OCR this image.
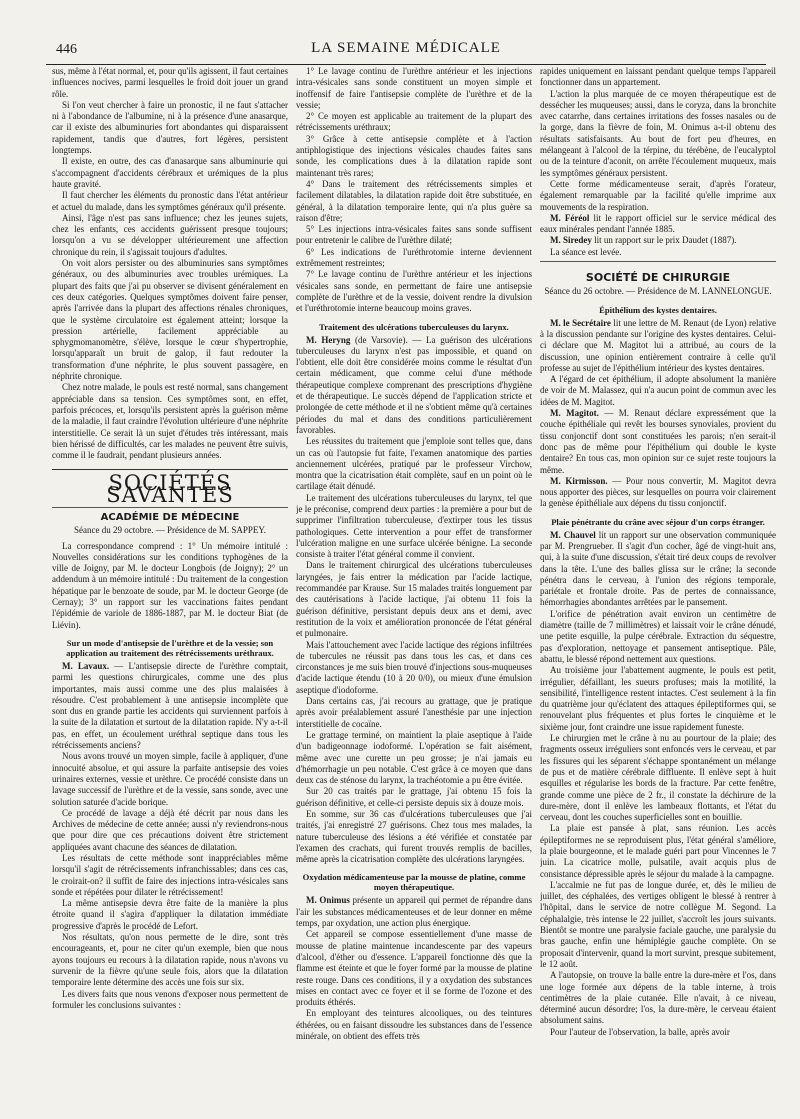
446	LA SEMAINE MÉDICALE

sus, même à l'état normal, et, pour qu'ils agissent, il faut certaines influences nocives, parmi lesquelles le froid doit jouer un grand rôle.

Si l'on veut chercher à faire un pronostic, il ne faut s'attacher ni à l'abondance de l'albumine, ni à la présence d'une anasarque, car il existe des albuminuries fort abondantes qui disparaissent rapidement, tandis que d'autres, fort légères, persistent longtemps.

Il existe, en outre, des cas d'anasarque sans albuminurie qui s'accompagnent d'accidents cérébraux et urémiques de la plus haute gravité.

Il faut chercher les éléments du pronostic dans l'état antérieur et actuel du malade, dans les symptômes généraux qu'il présente.

Ainsi, l'âge n'est pas sans influence; chez les jeunes sujets, chez les enfants, ces accidents guérissent presque toujours; lorsqu'on a vu se développer ultérieurement une affection chronique du rein, il s'agissait toujours d'adultes.

On voit alors persister ou des albuminuries sans symptômes généraux, ou des albuminuries avec troubles urémiques. La plupart des faits que j'ai pu observer se divisent généralement en ces deux catégories. Quelques symptômes doivent faire penser, après l'arrivée dans la plupart des affections rénales chroniques, que le système circulatoire est également atteint; lorsque la pression artérielle, facilement appréciable au sphygmomanomètre, s'élève, lorsque le cœur s'hypertrophie, lorsqu'apparaît un bruit de galop, il faut redouter la transformation d'une néphrite, le plus souvent passagère, en néphrite chronique.

Chez notre malade, le pouls est resté normal, sans changement appréciable dans sa tension. Ces symptômes sont, en effet, parfois précoces, et, lorsqu'ils persistent après la guérison même de la maladie, il faut craindre l'évolution ultérieure d'une néphrite interstitielle. Ce serait là un sujet d'études très intéressant, mais bien hérissé de difficultés, car les malades ne peuvent être suivis, comme il le faudrait, pendant plusieurs années.

SOCIÉTÉS SAVANTES
ACADÉMIE DE MÉDECINE
Séance du 29 octobre. — Présidence de M. SAPPEY.

La correspondance comprend : 1° Un mémoire intitulé : Nouvelles considérations sur les conditions typhogènes de la ville de Joigny, par M. le docteur Longbois (de Joigny); 2° un addendum à un mémoire intitulé : Du traitement de la congestion hépatique par le benzoate de soude, par M. le docteur George (de Cernay); 3° un rapport sur les vaccinations faites pendant l'épidémie de variole de 1886-1887, par M. le docteur Biat (de Liévin).

Sur un mode d'antisepsie de l'urèthre et de la vessie; son application au traitement des rétrécissements uréthraux.

M. Lavaux. — L'antisepsie directe de l'urèthre comptait, parmi les questions chirurgicales, comme une des plus importantes, mais aussi comme une des plus malaisées à résoudre. C'est probablement à une antisepsie incomplète que sont dus en grande partie les accidents qui surviennent parfois à la suite de la dilatation et surtout de la dilatation rapide. N'y a-t-il pas, en effet, un écoulement uréthral septique dans tous les rétrécissements anciens?

Nous avons trouvé un moyen simple, facile à appliquer, d'une innocuité absolue, et qui assure la parfaite antisepsie des voies urinaires externes, vessie et urèthre. Ce procédé consiste dans un lavage successif de l'urèthre et de la vessie, sans sonde, avec une solution saturée d'acide borique.

Ce procédé de lavage a déjà été décrit par nous dans les Archives de médecine de cette année; aussi n'y reviendrons-nous que pour dire que ces précautions doivent être strictement appliquées avant chacune des séances de dilatation.

Les résultats de cette méthode sont inappréciables même lorsqu'il s'agit de rétrécissements infranchissables; dans ces cas, le croirait-on? il suffit de faire des injections intra-vésicales sans sonde et répétées pour dilater le rétrécissement!

La même antisepsie devra être faite de la manière la plus étroite quand il s'agira d'appliquer la dilatation immédiate progressive d'après le procédé de Lefort.

Nos résultats, qu'on nous permette de le dire, sont très encourageants, et, pour ne citer qu'un exemple, bien que nous ayons toujours eu recours à la dilatation rapide, nous n'avons vu survenir de la fièvre qu'une seule fois, alors que la dilatation temporaire lente détermine des accès une fois sur six.

Les divers faits que nous venons d'exposer nous permettent de formuler les conclusions suivantes :

1° Le lavage continu de l'urèthre antérieur et les injections intra-vésicales sans sonde constituent un moyen simple et inoffensif de faire l'antisepsie complète de l'urèthre et de la vessie;

2° Ce moyen est applicable au traitement de la plupart des rétrécissements uréthraux;

3° Grâce à cette antisepsie complète et à l'action antiphlogistique des injections vésicales chaudes faites sans sonde, les complications dues à la dilatation rapide sont maintenant très rares;

4° Dans le traitement des rétrécissements simples et facilement dilatables, la dilatation rapide doit être substituée, en général, à la dilatation temporaire lente, qui n'a plus guère sa raison d'être;

5° Les injections intra-vésicales faites sans sonde suffisent pour entretenir le calibre de l'urèthre dilaté;

6° Les indications de l'uréthrotomie interne deviennent extrêmement restreintes;

7° Le lavage continu de l'urèthre antérieur et les injections vésicales sans sonde, en permettant de faire une antisepsie complète de l'urèthre et de la vessie, doivent rendre la divulsion et l'uréthrotomie interne beaucoup moins graves.

Traitement des ulcérations tuberculeuses du larynx.

M. Heryng (de Varsovie). — La guérison des ulcérations tuberculeuses du larynx n'est pas impossible, et quand on l'obtient, elle doit être considérée moins comme le résultat d'un certain médicament, que comme celui d'une méthode thérapeutique complexe comprenant des prescriptions d'hygiène et de thérapeutique. Le succès dépend de l'application stricte et prolongée de cette méthode et il ne s'obtient même qu'à certaines périodes du mal et dans des conditions particulièrement favorables.

Les réussites du traitement que j'emploie sont telles que, dans un cas où l'autopsie fut faite, l'examen anatomique des parties anciennement ulcérées, pratiqué par le professeur Virchow, montra que la cicatrisation était complète, sauf en un point où le cartilage était dénudé.

Le traitement des ulcérations tuberculeuses du larynx, tel que je le préconise, comprend deux parties : la première a pour but de supprimer l'infiltration tuberculeuse, d'extirper tous les tissus pathologiques. Cette intervention a pour effet de transformer l'ulcération maligne en une surface ulcérée bénigne. La seconde consiste à traiter l'état général comme il convient.

Dans le traitement chirurgical des ulcérations tuberculeuses laryngées, je fais entrer la médication par l'acide lactique, recommandée par Krause. Sur 15 malades traités longuement par des cautérisations à l'acide lactique, j'ai obtenu 11 fois la guérison définitive, persistant depuis deux ans et demi, avec restitution de la voix et amélioration prononcée de l'état général et pulmonaire.

Mais l'attouchement avec l'acide lactique des régions infiltrées de tubercules ne réussit pas dans tous les cas, et dans ces circonstances je me suis bien trouvé d'injections sous-muqueuses d'acide lactique étendu (10 à 20 0/0), ou mieux d'une émulsion aseptique d'iodoforme.

Dans certains cas, j'ai recours au grattage, que je pratique après avoir préalablement assuré l'anesthésie par une injection interstitielle de cocaïne.

Le grattage terminé, on maintient la plaie aseptique à l'aide d'un badigeonnage iodoformé. L'opération se fait aisément, même avec une curette un peu grosse; je n'ai jamais eu d'hémorrhagie un peu notable. C'est grâce à ce moyen que dans deux cas de sténose du larynx, la trachéotomie a pu être évitée.

Sur 20 cas traités par le grattage, j'ai obtenu 15 fois la guérison définitive, et celle-ci persiste depuis six à douze mois.

En somme, sur 36 cas d'ulcérations tuberculeuses que j'ai traités, j'ai enregistré 27 guérisons. Chez tous mes malades, la nature tuberculeuse des lésions a été vérifiée et constatée par l'examen des crachats, qui furent trouvés remplis de bacilles, même après la cicatrisation complète des ulcérations laryngées.

Oxydation médicamenteuse par la mousse de platine, comme moyen thérapeutique.

M. Onimus présente un appareil qui permet de répandre dans l'air les substances médicamenteuses et de leur donner en même temps, par oxydation, une action plus énergique.

Cet appareil se compose essentiellement d'une masse de mousse de platine maintenue incandescente par des vapeurs d'alcool, d'éther ou d'essence. L'appareil fonctionne dès que la flamme est éteinte et que le foyer formé par la mousse de platine reste rouge. Dans ces conditions, il y a oxydation des substances mises en contact avec ce foyer et il se forme de l'ozone et des produits éthérés.

En employant des teintures alcooliques, ou des teintures éthérées, ou en faisant dissoudre les substances dans de l'essence minérale, on obtient des effets très

rapides uniquement en laissant pendant quelque temps l'appareil fonctionner dans un appartement.

L'action la plus marquée de ce moyen thérapeutique est de dessécher les muqueuses; aussi, dans le coryza, dans la bronchite avec catarrhe, dans certaines irritations des fosses nasales ou de la gorge, dans la fièvre de foin, M. Onimus a-t-il obtenu des résultats satisfaisants. Au bout de fort peu d'heures, en mélangeant à l'alcool de la térpine, du térébène, de l'eucalyptol ou de la teinture d'aconit, on arrête l'écoulement muqueux, mais les symptômes généraux persistent.

Cette forme médicamenteuse serait, d'après l'orateur, également remarquable par la facilité qu'elle imprime aux mouvements de la respiration.

M. Féréol lit le rapport officiel sur le service médical des eaux minérales pendant l'année 1885.

M. Siredey lit un rapport sur le prix Daudet (1887).

La séance est levée.

SOCIÉTÉ DE CHIRURGIE
Séance du 26 octobre. — Présidence de M. LANNELONGUE.
Épithélium des kystes dentaires.

M. le Secrétaire lit une lettre de M. Renaut (de Lyon) relative à la discussion pendante sur l'origine des kystes dentaires. Celui-ci déclare que M. Magitot lui a attribué, au cours de la discussion, une opinion entièrement contraire à celle qu'il professe au sujet de l'épithélium intérieur des kystes dentaires.

A l'égard de cet épithélium, il adopte absolument la manière de voir de M. Malassez, qui n'a aucun point de commun avec les idées de M. Magitot.

M. Magitot. — M. Renaut déclare expressément que la couche épithéliale qui revêt les bourses synoviales, provient du tissu conjonctif dont sont constituées les parois; n'en serait-il donc pas de même pour l'épithélium qui double le kyste dentaire? En tous cas, mon opinion sur ce sujet reste toujours la même.

M. Kirmisson. — Pour nous convertir, M. Magitot devra nous apporter des pièces, sur lesquelles on pourra voir clairement la genèse épithéliale aux dépens du tissu conjonctif.

Plaie pénétrante du crâne avec séjour d'un corps étranger.

M. Chauvel lit un rapport sur une observation communiquée par M. Prengrueber. Il s'agit d'un cocher, âgé de vingt-huit ans, qui, à la suite d'une discussion, s'était tiré deux coups de revolver dans la tête. L'une des balles glissa sur le crâne; la seconde pénétra dans le cerveau, à l'union des régions temporale, pariétale et frontale droite. Pas de pertes de connaissance, hémorrhagies abondantes arrêtées par le pansement.

L'orifice de pénétration avait environ un centimètre de diamètre (taille de 7 millimètres) et laissait voir le crâne dénudé, une petite esquille, la pulpe cérébrale. Extraction du séquestre, pas d'exploration, nettoyage et pansement antiseptique. Pâle, abattu, le blessé répond nettement aux questions.

Au troisième jour l'abattement augmente, le pouls est petit, irrégulier, défaillant, les sueurs profuses; mais la motilité, la sensibilité, l'intelligence restent intactes. C'est seulement à la fin du quatrième jour qu'éclatent des attaques épileptiformes qui, se renouvelant plus fréquentes et plus fortes le cinquième et le sixième jour, font craindre une issue rapidement funeste.

Le chirurgien met le crâne à nu au pourtour de la plaie; des fragments osseux irréguliers sont enfoncés vers le cerveau, et par les fissures qui les séparent s'échappe spontanément un mélange de pus et de matière cérébrale diffluente. Il enlève sept à huit esquilles et régularise les bords de la fracture. Par cette fenêtre, grande comme une pièce de 2 fr., il constate la déchirure de la dure-mère, dont il enlève les lambeaux flottants, et l'état du cerveau, dont les couches superficielles sont en bouillie.

La plaie est pansée à plat, sans réunion. Les accès épileptiformes ne se reproduisent plus, l'état général s'améliore, la plaie bourgeonne, et le malade guéri part pour Vincennes le 7 juin. La cicatrice molle, pulsatile, avait acquis plus de consistance dépressible après le séjour du malade à la campagne.

L'accalmie ne fut pas de longue durée, et, dès le milieu de juillet, des céphalées, des vertiges obligent le blessé à rentrer à l'hôpital, dans le service de notre collègue M. Segond. La céphalalgie, très intense le 22 juillet, s'accroît les jours suivants. Bientôt se montre une paralysie faciale gauche, une paralysie du bras gauche, enfin une hémiplégie gauche complète. On se proposait d'intervenir, quand la mort survint, presque subitement, le 12 août.

A l'autopsie, on trouve la balle entre la dure-mère et l'os, dans une loge formée aux dépens de la table interne, à trois centimètres de la plaie cutanée. Elle n'avait, à ce niveau, déterminé aucun désordre; l'os, la dure-mère, le cerveau étaient absolument sains.

Pour l'auteur de l'observation, la balle, après avoir
